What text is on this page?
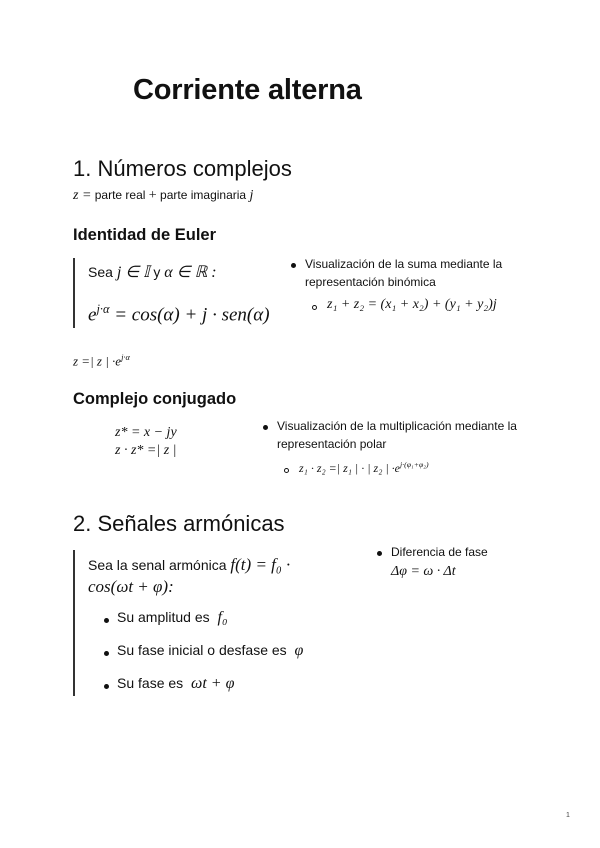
Corriente alterna
1. Números complejos
z = parte real + parte imaginaria j
Identidad de Euler
Sea j ∈ 𝕀 y α ∈ ℝ :
$e^{j\cdot\alpha} = \cos(\alpha) + j \cdot sen(\alpha)$
Visualización de la suma mediante la representación binómica
z₁ + z₂ = (x₁ + x₂) + (y₁ + y₂)j
z =| z | $\cdot e^{j\cdot\alpha}$
Complejo conjugado
z* = x − jy
z · z* =| z |
Visualización de la multiplicación mediante la representación polar
z₁ · z₂ =| z₁ | · | z₂ | $\cdot e^{j\cdot(\varphi_1+\varphi_2)}$
2. Señales armónicas
Sea la senal armónica f(t) = f₀ ·
cos(ωt + φ):
Su amplitud es f₀
Su fase inicial o desfase es φ
Su fase es ωt + φ
Diferencia de fase
Δφ = ω · Δt
1
